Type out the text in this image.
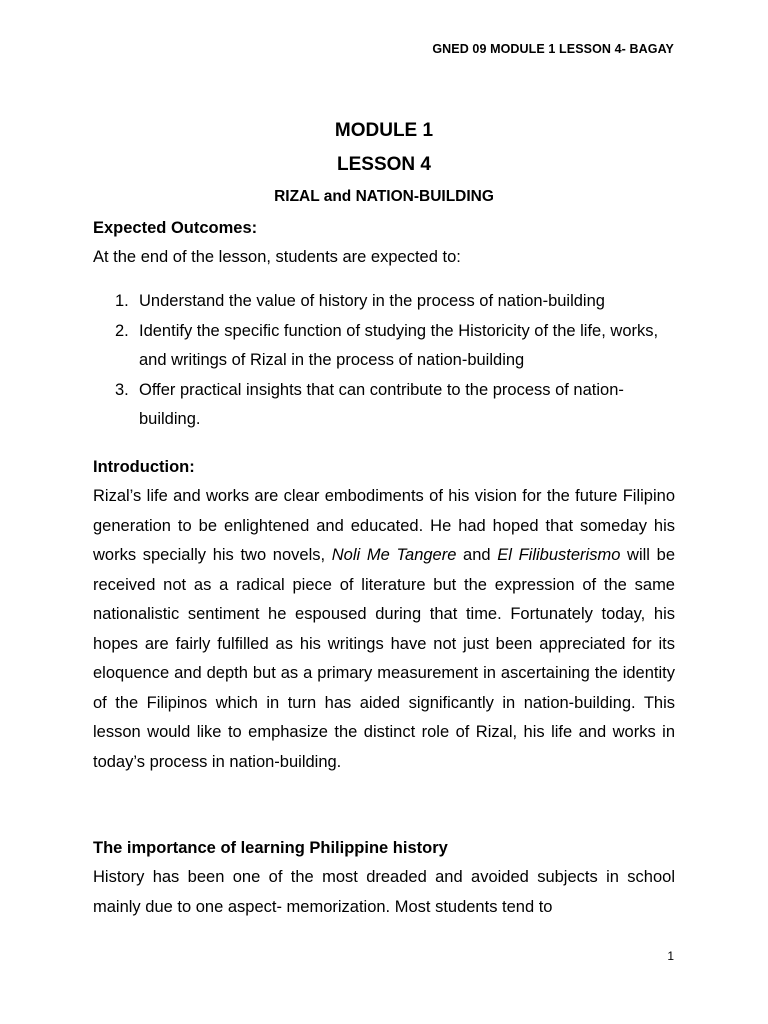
GNED 09 MODULE 1 LESSON 4- BAGAY
MODULE 1
LESSON 4
RIZAL and NATION-BUILDING
Expected Outcomes:
At the end of the lesson, students are expected to:
1. Understand the value of history in the process of nation-building
2. Identify the specific function of studying the Historicity of the life, works, and writings of Rizal in the process of nation-building
3. Offer practical insights that can contribute to the process of nation-building.
Introduction:
Rizal’s life and works are clear embodiments of his vision for the future Filipino generation to be enlightened and educated. He had hoped that someday his works specially his two novels, Noli Me Tangere and El Filibusterismo will be received not as a radical piece of literature but the expression of the same nationalistic sentiment he espoused during that time. Fortunately today, his hopes are fairly fulfilled as his writings have not just been appreciated for its eloquence and depth but as a primary measurement in ascertaining the identity of the Filipinos which in turn has aided significantly in nation-building. This lesson would like to emphasize the distinct role of Rizal, his life and works in today’s process in nation-building.
The importance of learning Philippine history
History has been one of the most dreaded and avoided subjects in school mainly due to one aspect- memorization. Most students tend to
1
